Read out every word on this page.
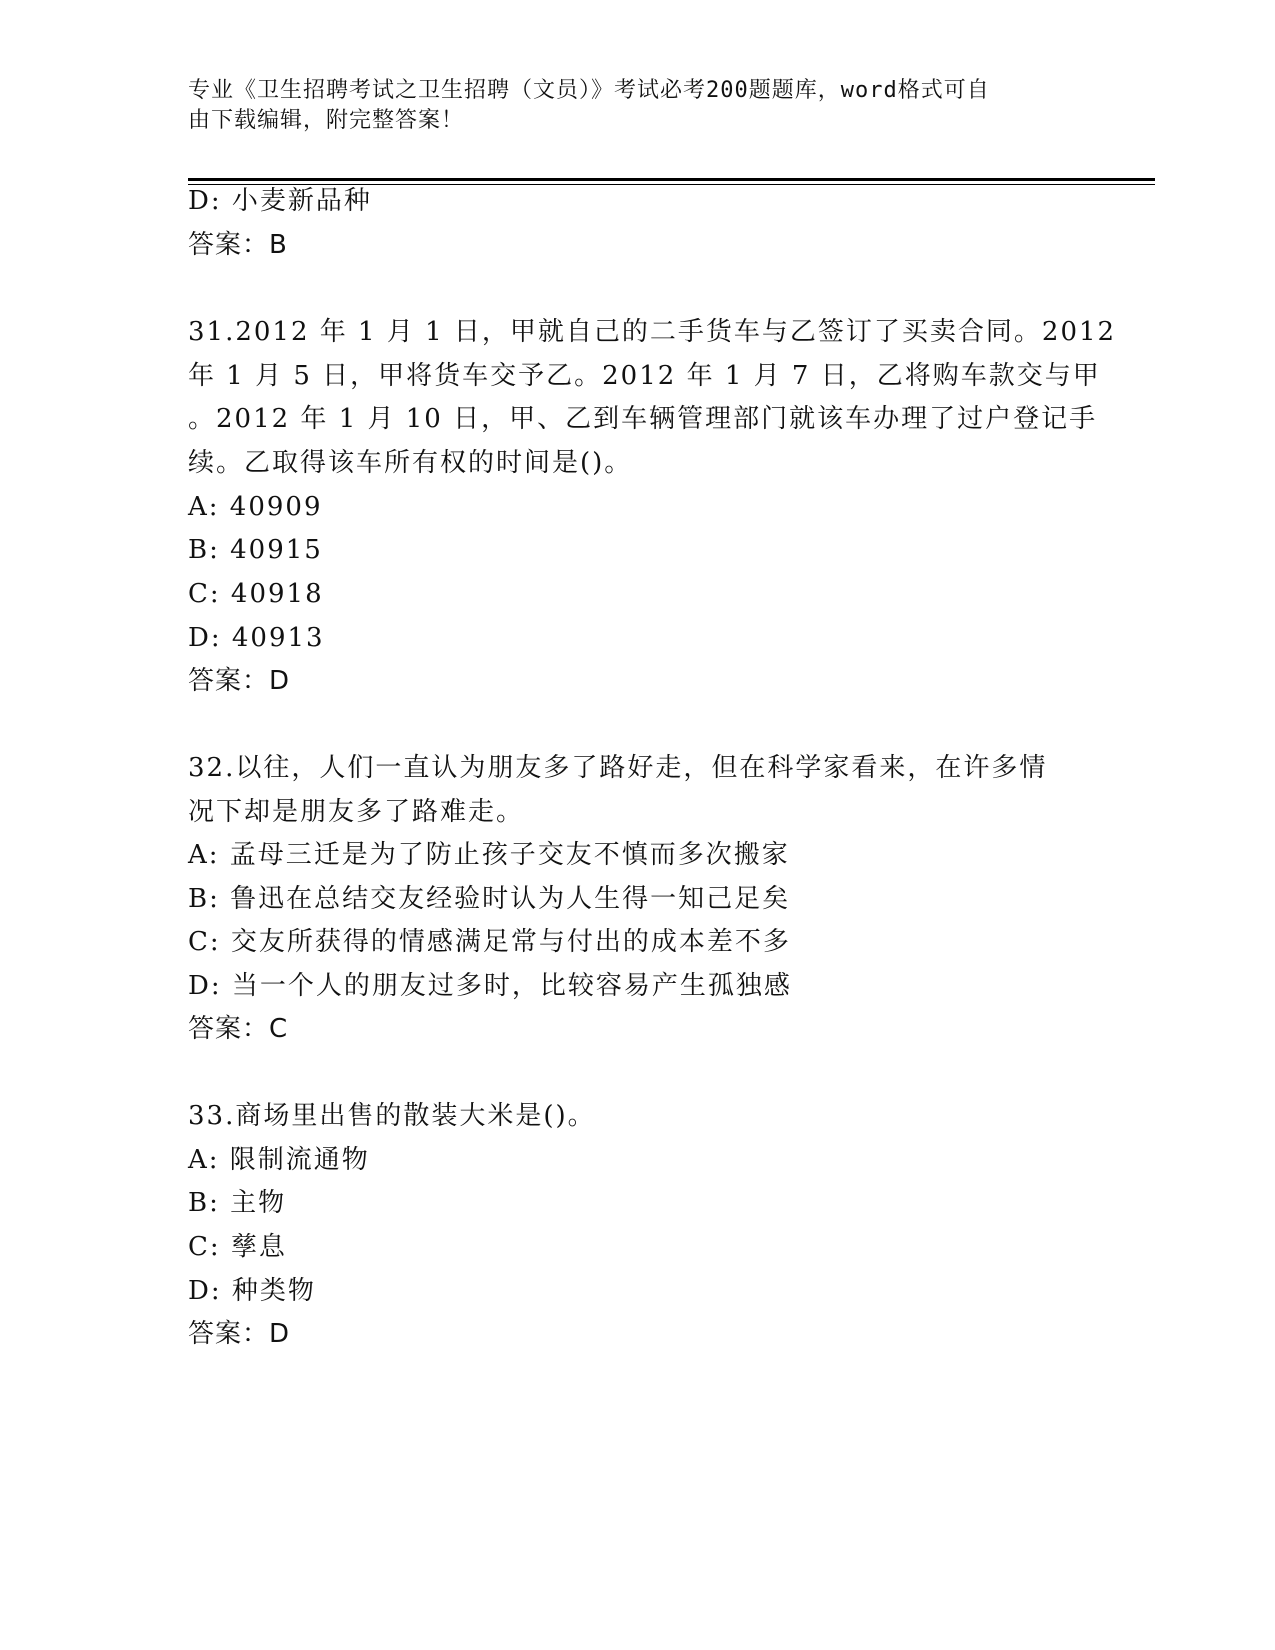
专业《卫生招聘考试之卫生招聘（文员）》考试必考200题题库，word格式可自
由下载编辑，附完整答案！
D: 小麦新品种
答案：B
31.2012 年 1 月 1 日，甲就自己的二手货车与乙签订了买卖合同。2012
年 1 月 5 日，甲将货车交予乙。2012 年 1 月 7 日，乙将购车款交与甲
。2012 年 1 月 10 日，甲、乙到车辆管理部门就该车办理了过户登记手
续。乙取得该车所有权的时间是()。
A: 40909
B: 40915
C: 40918
D: 40913
答案：D
32.以往，人们一直认为朋友多了路好走，但在科学家看来，在许多情
况下却是朋友多了路难走。
A: 孟母三迁是为了防止孩子交友不慎而多次搬家
B: 鲁迅在总结交友经验时认为人生得一知己足矣
C: 交友所获得的情感满足常与付出的成本差不多
D: 当一个人的朋友过多时，比较容易产生孤独感
答案：C
33.商场里出售的散装大米是()。
A: 限制流通物
B: 主物
C: 孳息
D: 种类物
答案：D
